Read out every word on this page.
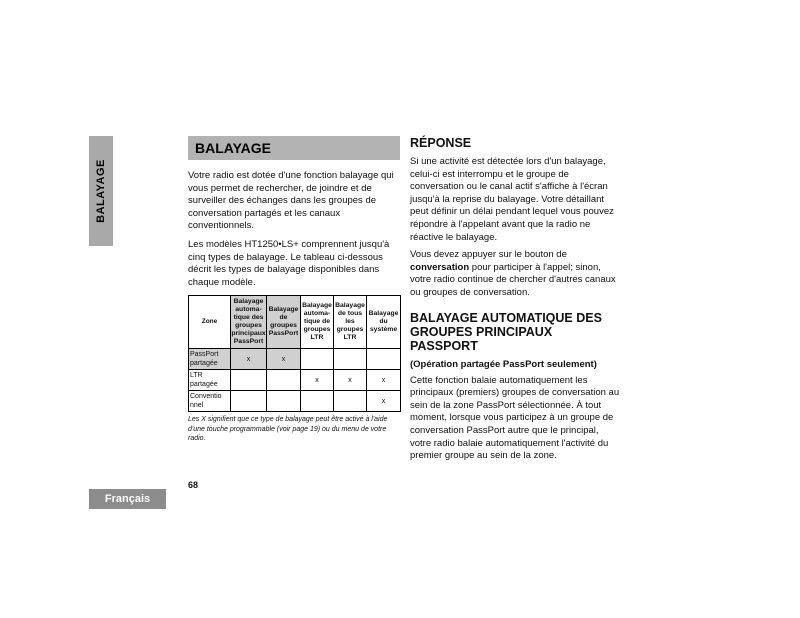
BALAYAGE
BALAYAGE

Votre radio est dotée d'une fonction balayage qui vous permet de rechercher, de joindre et de surveiller des échanges dans les groupes de conversation partagés et les canaux conventionnels.

Les modèles HT1250•LS+ comprennent jusqu'à cinq types de balayage. Le tableau ci-dessous décrit les types de balayage disponibles dans chaque modèle.

Zone	Balayage automa-tique des groupes principaux PassPort	Balayage de groupes PassPort	Balayage automa-tique de groupes LTR	Balayage de tous les groupes LTR	Balayage du système
PassPort partagée	x	x			
LTR partagée			x	x	x
Conventio nnel					x
Les X signifient que ce type de balayage peut être activé à l'aide d'une touche programmable (voir page 19) ou du menu de votre radio.
RÉPONSE

Si une activité est détectée lors d'un balayage, celui-ci est interrompu et le groupe de conversation ou le canal actif s'affiche à l'écran jusqu'à la reprise du balayage. Votre détaillant peut définir un délai pendant lequel vous pouvez répondre à l'appelant avant que la radio ne réactive le balayage.

Vous devez appuyer sur le bouton de conversation pour participer à l'appel; sinon, votre radio continue de chercher d'autres canaux ou groupes de conversation.

BALAYAGE AUTOMATIQUE DES GROUPES PRINCIPAUX PASSPORT
(Opération partagée PassPort seulement)

Cette fonction balaie automatiquement les principaux (premiers) groupes de conversation au sein de la zone PassPort sélectionnée. À tout moment, lorsque vous participez à un groupe de conversation PassPort autre que le principal, votre radio balaie automatiquement l'activité du premier groupe au sein de la zone.

68
Français
